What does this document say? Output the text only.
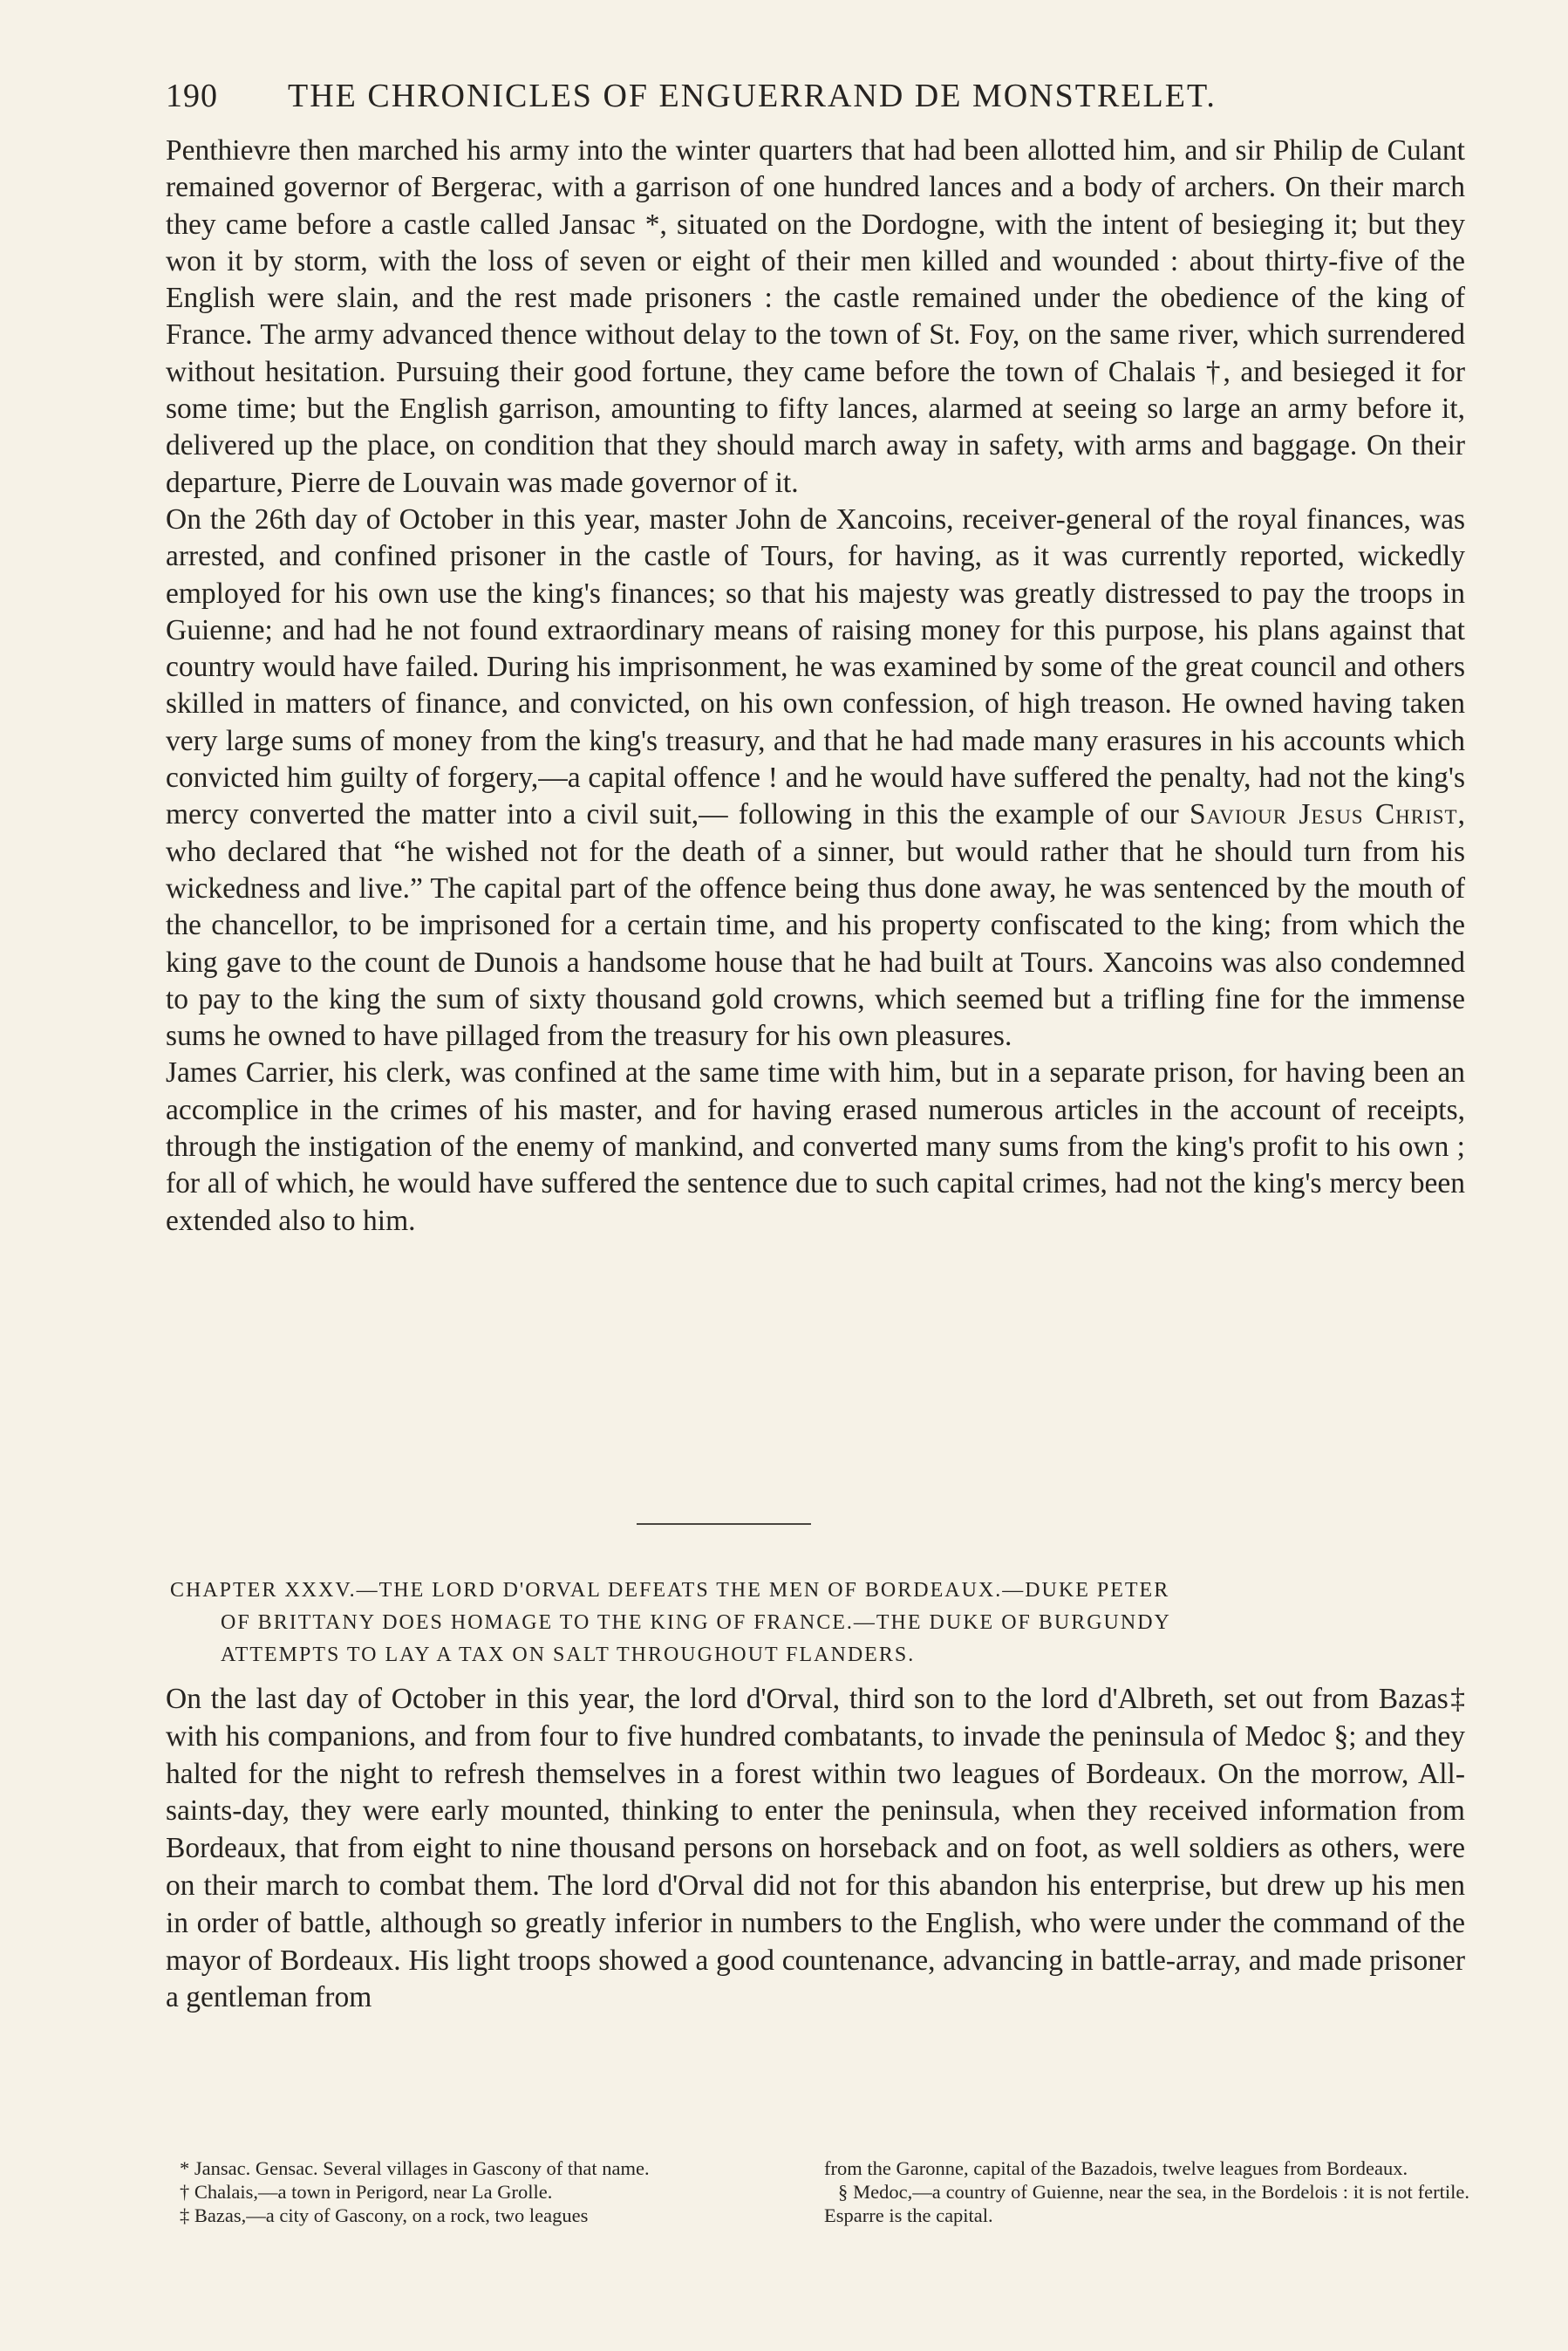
190 THE CHRONICLES OF ENGUERRAND DE MONSTRELET.

Penthievre then marched his army into the winter quarters that had been allotted him, and sir Philip de Culant remained governor of Bergerac, with a garrison of one hundred lances and a body of archers. On their march they came before a castle called Jansac *, situated on the Dordogne, with the intent of besieging it; but they won it by storm, with the loss of seven or eight of their men killed and wounded : about thirty-five of the English were slain, and the rest made prisoners : the castle remained under the obedience of the king of France. The army advanced thence without delay to the town of St. Foy, on the same river, which surrendered without hesitation. Pursuing their good fortune, they came before the town of Chalais †, and besieged it for some time; but the English garrison, amounting to fifty lances, alarmed at seeing so large an army before it, delivered up the place, on condition that they should march away in safety, with arms and baggage. On their departure, Pierre de Louvain was made governor of it.

On the 26th day of October in this year, master John de Xancoins, receiver-general of the royal finances, was arrested, and confined prisoner in the castle of Tours, for having, as it was currently reported, wickedly employed for his own use the king's finances; so that his majesty was greatly distressed to pay the troops in Guienne; and had he not found extraordinary means of raising money for this purpose, his plans against that country would have failed. During his imprisonment, he was examined by some of the great council and others skilled in matters of finance, and convicted, on his own confession, of high treason. He owned having taken very large sums of money from the king's treasury, and that he had made many erasures in his accounts which convicted him guilty of forgery,—a capital offence ! and he would have suffered the penalty, had not the king's mercy converted the matter into a civil suit,— following in this the example of our Saviour Jesus Christ, who declared that “he wished not for the death of a sinner, but would rather that he should turn from his wickedness and live.” The capital part of the offence being thus done away, he was sentenced by the mouth of the chancellor, to be imprisoned for a certain time, and his property confiscated to the king; from which the king gave to the count de Dunois a handsome house that he had built at Tours. Xancoins was also condemned to pay to the king the sum of sixty thousand gold crowns, which seemed but a trifling fine for the immense sums he owned to have pillaged from the treasury for his own pleasures.

James Carrier, his clerk, was confined at the same time with him, but in a separate prison, for having been an accomplice in the crimes of his master, and for having erased numerous articles in the account of receipts, through the instigation of the enemy of mankind, and converted many sums from the king's profit to his own ; for all of which, he would have suffered the sentence due to such capital crimes, had not the king's mercy been extended also to him.

CHAPTER XXXV.—THE LORD D'ORVAL DEFEATS THE MEN OF BORDEAUX.—DUKE PETER
OF BRITTANY DOES HOMAGE TO THE KING OF FRANCE.—THE DUKE OF BURGUNDY
ATTEMPTS TO LAY A TAX ON SALT THROUGHOUT FLANDERS.

On the last day of October in this year, the lord d'Orval, third son to the lord d'Albreth, set out from Bazas‡ with his companions, and from four to five hundred combatants, to invade the peninsula of Medoc §; and they halted for the night to refresh themselves in a forest within two leagues of Bordeaux. On the morrow, All-saints-day, they were early mounted, thinking to enter the peninsula, when they received information from Bordeaux, that from eight to nine thousand persons on horseback and on foot, as well soldiers as others, were on their march to combat them. The lord d'Orval did not for this abandon his enterprise, but drew up his men in order of battle, although so greatly inferior in numbers to the English, who were under the command of the mayor of Bordeaux. His light troops showed a good countenance, advancing in battle-array, and made prisoner a gentleman from

* Jansac. Gensac. Several villages in Gascony of that name.

† Chalais,—a town in Perigord, near La Grolle.

‡ Bazas,—a city of Gascony, on a rock, two leagues

from the Garonne, capital of the Bazadois, twelve leagues from Bordeaux.

§ Medoc,—a country of Guienne, near the sea, in the Bordelois : it is not fertile. Esparre is the capital.
